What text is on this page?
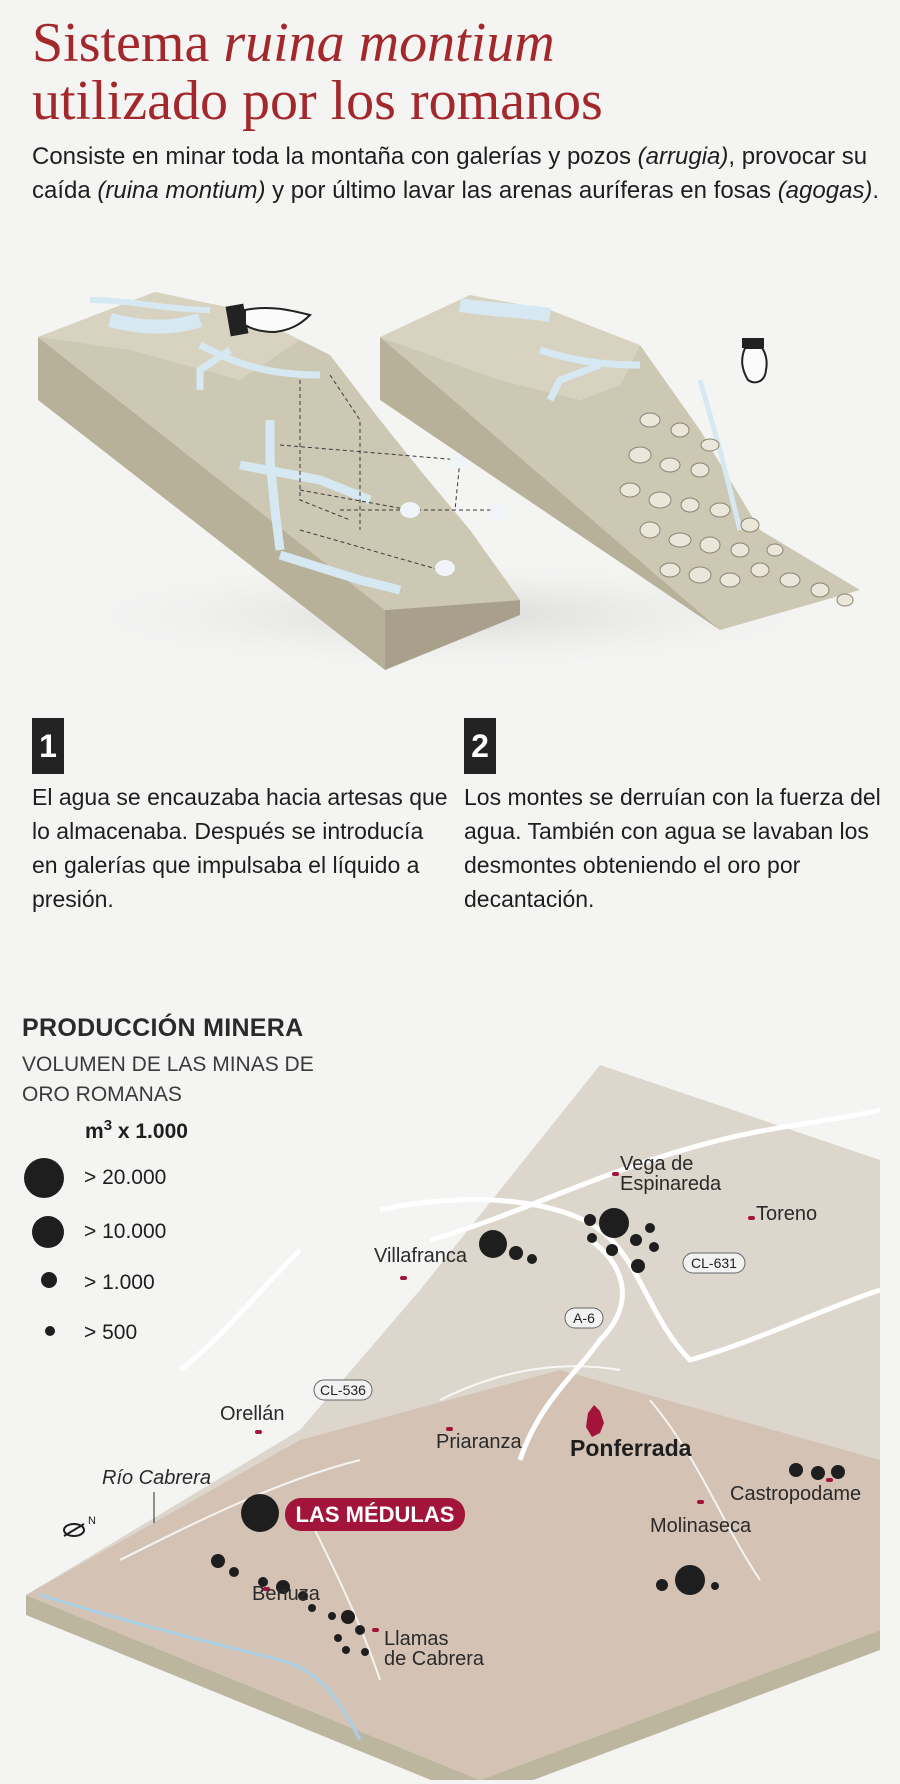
Sistema ruina montium
utilizado por los romanos
Consiste en minar toda la montaña con galerías y pozos (arrugia), provocar su caída (ruina montium) y por último lavar las arenas auríferas en fosas (agogas).
1
El agua se encauzaba hacia artesas que lo almacenaba. Después se introducía en galerías que impulsaba el líquido a presión.
2
Los montes se derruían con la fuerza del agua. También con agua se lavaban los desmontes obteniendo el oro por decantación.
CL-631
A-6
CL-536
LAS MÉDULAS
Vega de
Espinareda
Toreno
Villafranca
Orellán
Priaranza Ponferrada
Castropodame
Molinaseca
Benuza
Llamas
de Cabrera
Río Cabrera
N
PRODUCCIÓN MINERA
VOLUMEN DE LAS MINAS DE ORO ROMANAS
$m^3$ x 1.000
> 20.000
> 10.000
> 1.000
> 500
